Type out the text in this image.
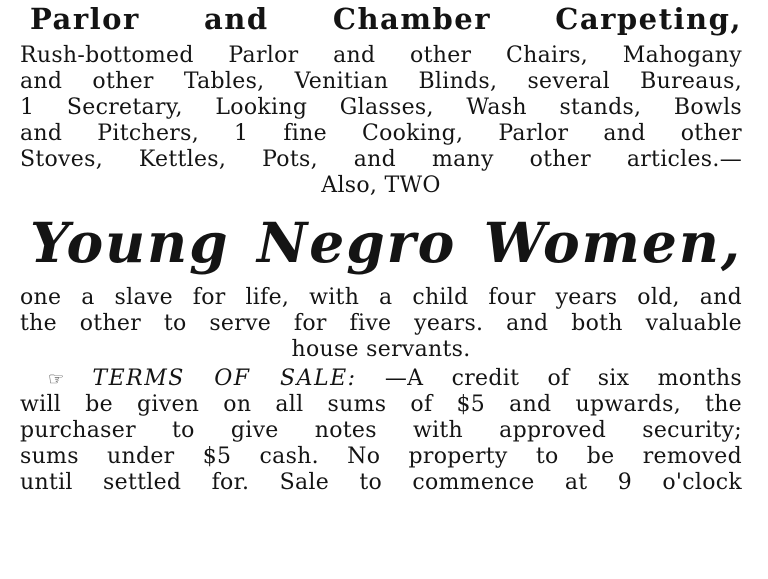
Parlor and Chamber Carpeting,
Rush-bottomed Parlor and other Chairs, Mahogany
and other Tables, Venitian Blinds, several Bureaus,
1 Secretary, Looking Glasses, Wash stands, Bowls
and Pitchers, 1 fine Cooking, Parlor and other
Stoves, Kettles, Pots, and many other articles.—
Also, TWO
Young Negro Women,
one a slave for life, with a child four years old, and
the other to serve for five years. and both valuable
house servants.
☞ TERMS OF SALE: —A credit of six months
will be given on all sums of $5 and upwards, the
purchaser to give notes with approved security;
sums under $5 cash. No property to be removed
until settled for. Sale to commence at 9 o'clock
